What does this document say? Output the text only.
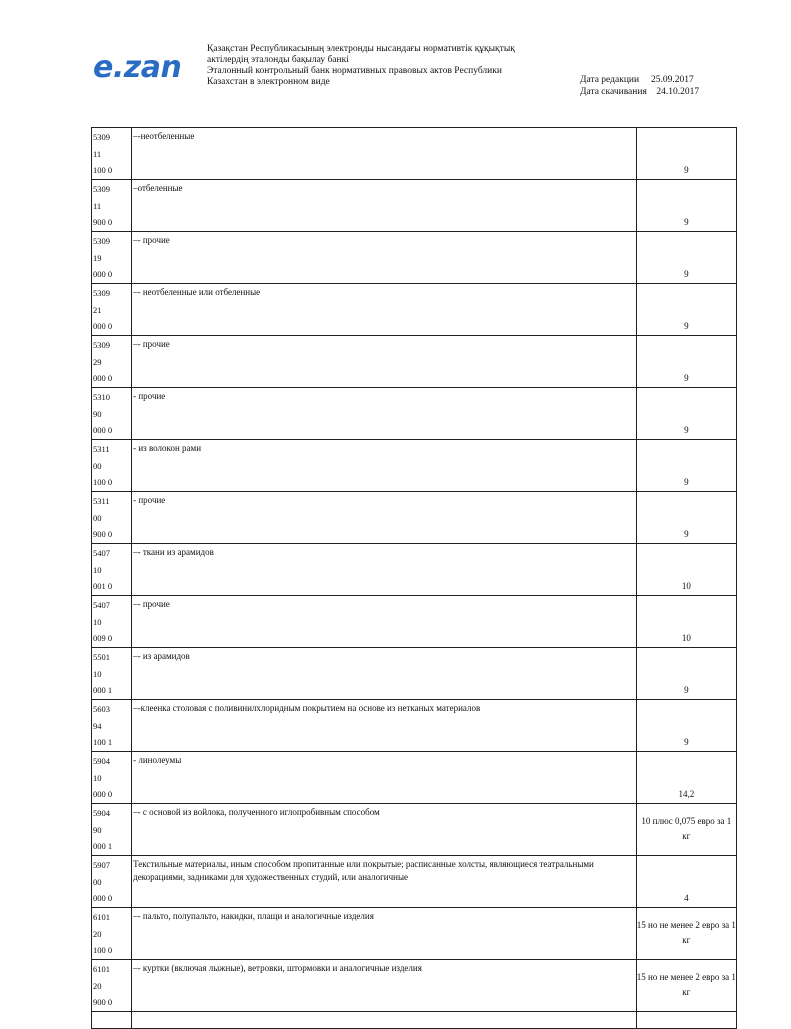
e.zan
Қазақстан Республикасының электронды нысандағы нормативтік құқықтық
актілердің эталонды бақылау банкі
Эталонный контрольный банк нормативных правовых актов Республики
Казахстан в электронном виде	Дата редакции 25.09.2017
Дата скачивания 24.10.2017
5309
11
100 0	–-неотбеленные	9

5309
11
900 0	–отбеленные	9

5309
19
000 0	–- прочие	9

5309
21
000 0	–- неотбеленные или отбеленные	9

5309
29
000 0	–- прочие	9

5310
90
000 0	- прочие	9

5311
00
100 0	- из волокон рами	9

5311
00
900 0	- прочие	9

5407
10
001 0	–- ткани из арамидов	10

5407
10
009 0	–- прочие	10

5501
10
000 1	–- из арамидов	9

5603
94
100 1	–-клеенка столовая с поливинилхлоридным покрытием на основе из нетканых материалов	9

5904
10
000 0	- линолеумы	14,2

5904
90
000 1	–- с основой из войлока, полученного иглопробивным способом	10 плюс 0,075 евро за 1 кг

5907
00
000 0	Текстильные материалы, иным способом пропитанные или покрытые; расписанные холсты, являющиеся театральными декорациями, задниками для художественных студий, или аналогичные	4

6101
20
100 0	–- пальто, полупальто, накидки, плащи и аналогичные изделия	15 но не менее 2 евро за 1 кг

6101
20
900 0	–- куртки (включая лыжные), ветровки, штормовки и аналогичные изделия	15 но не менее 2 евро за 1 кг
